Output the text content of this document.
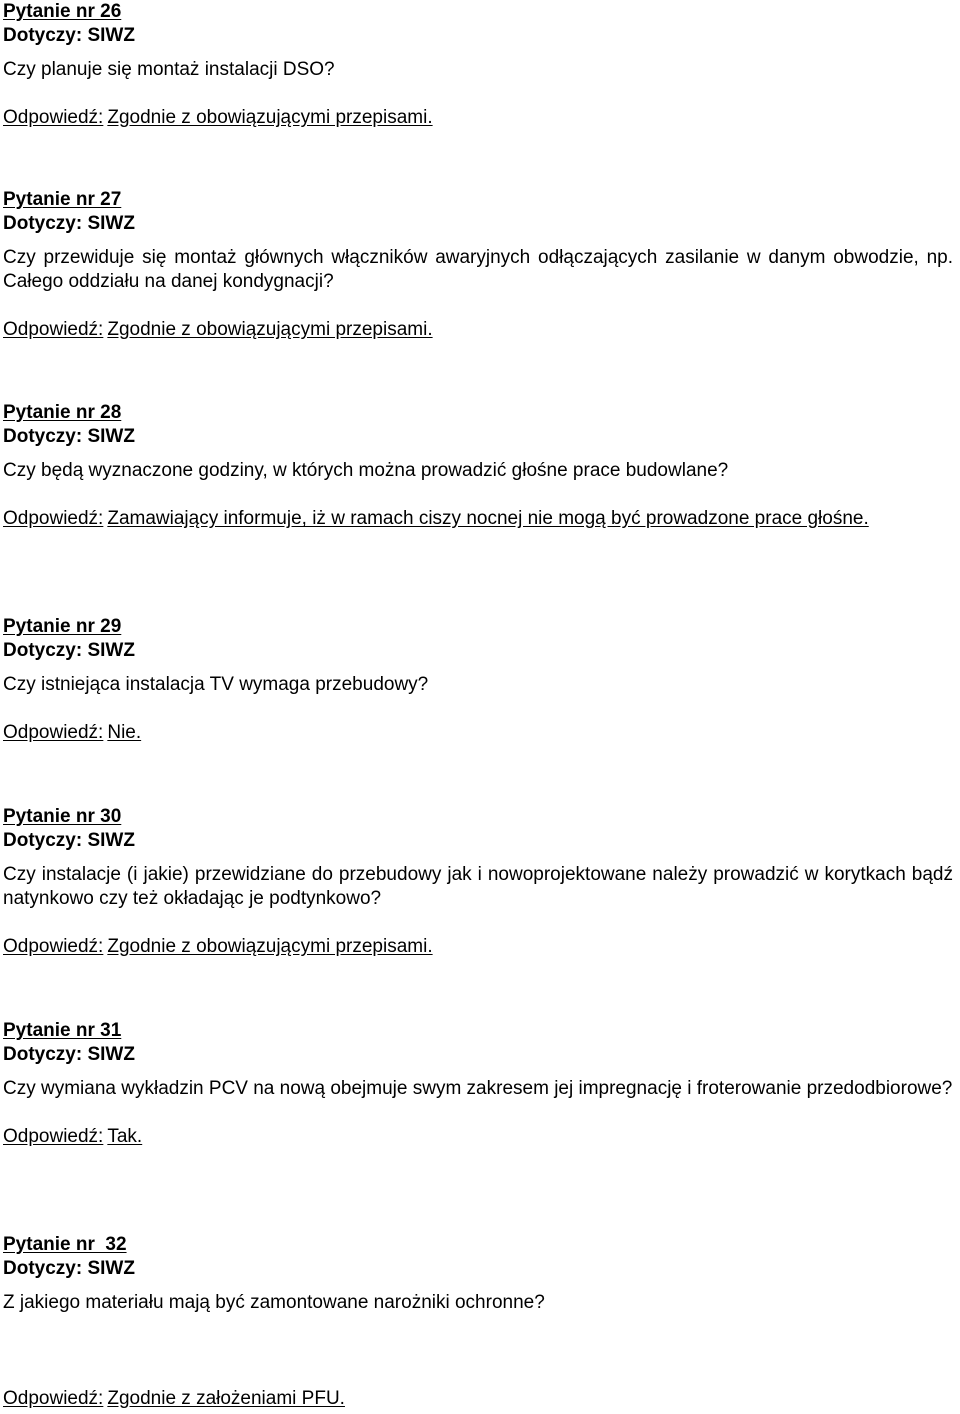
Pytanie nr 26
Dotyczy: SIWZ
Czy planuje się montaż instalacji DSO?
Odpowiedź: Zgodnie z obowiązującymi przepisami.
Pytanie nr 27
Dotyczy: SIWZ
Czy przewiduje się montaż głównych włączników awaryjnych odłączających zasilanie w danym obwodzie, np. Całego oddziału na danej kondygnacji?
Odpowiedź: Zgodnie z obowiązującymi przepisami.
Pytanie nr 28
Dotyczy: SIWZ
Czy będą wyznaczone godziny, w których można prowadzić głośne prace budowlane?
Odpowiedź: Zamawiający informuje, iż w ramach ciszy nocnej nie mogą być prowadzone prace głośne.
Pytanie nr 29
Dotyczy: SIWZ
Czy istniejąca instalacja TV wymaga przebudowy?
Odpowiedź: Nie.
Pytanie nr 30
Dotyczy: SIWZ
Czy instalacje (i jakie) przewidziane do przebudowy jak i nowoprojektowane należy prowadzić w korytkach bądź natynkowo czy też okładając je podtynkowo?
Odpowiedź: Zgodnie z obowiązującymi przepisami.
Pytanie nr 31
Dotyczy: SIWZ
Czy wymiana wykładzin PCV na nową obejmuje swym zakresem jej impregnację i froterowanie przedodbiorowe?
Odpowiedź: Tak.
Pytanie nr  32
Dotyczy: SIWZ
Z jakiego materiału mają być zamontowane narożniki ochronne?
Odpowiedź: Zgodnie z założeniami PFU.
